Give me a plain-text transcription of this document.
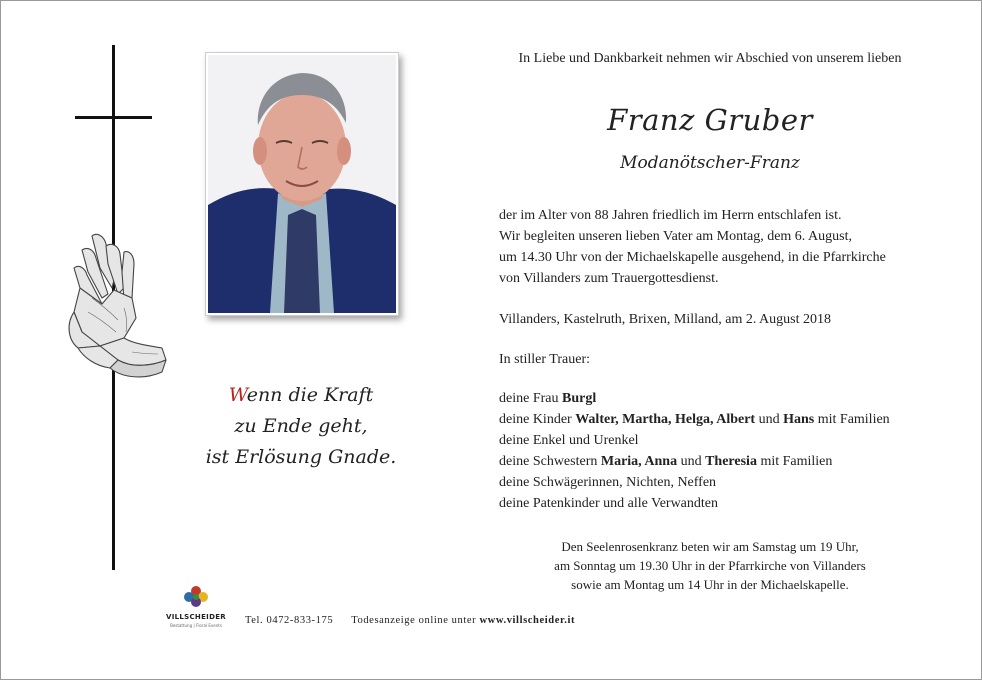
Wenn die Kraft
zu Ende geht,
ist Erlösung Gnade.
In Liebe und Dankbarkeit nehmen wir Abschied von unserem lieben
Franz Gruber
Modanötscher-Franz
der im Alter von 88 Jahren friedlich im Herrn entschlafen ist.
Wir begleiten unseren lieben Vater am Montag, dem 6. August,
um 14.30 Uhr von der Michaelskapelle ausgehend, in die Pfarrkirche
von Villanders zum Trauergottesdienst.
Villanders, Kastelruth, Brixen, Milland, am 2. August 2018
In stiller Trauer:
deine Frau Burgl
deine Kinder Walter, Martha, Helga, Albert und Hans mit Familien
deine Enkel und Urenkel
deine Schwestern Maria, Anna und Theresia mit Familien
deine Schwägerinnen, Nichten, Neffen
deine Patenkinder und alle Verwandten
Den Seelenrosenkranz beten wir am Samstag um 19 Uhr,
am Sonntag um 19.30 Uhr in der Pfarrkirche von Villanders
sowie am Montag um 14 Uhr in der Michaelskapelle.
VILLSCHEIDER
Bestattung | Floral Events	Tel. 0472-833-175 Todesanzeige online unter www.villscheider.it
